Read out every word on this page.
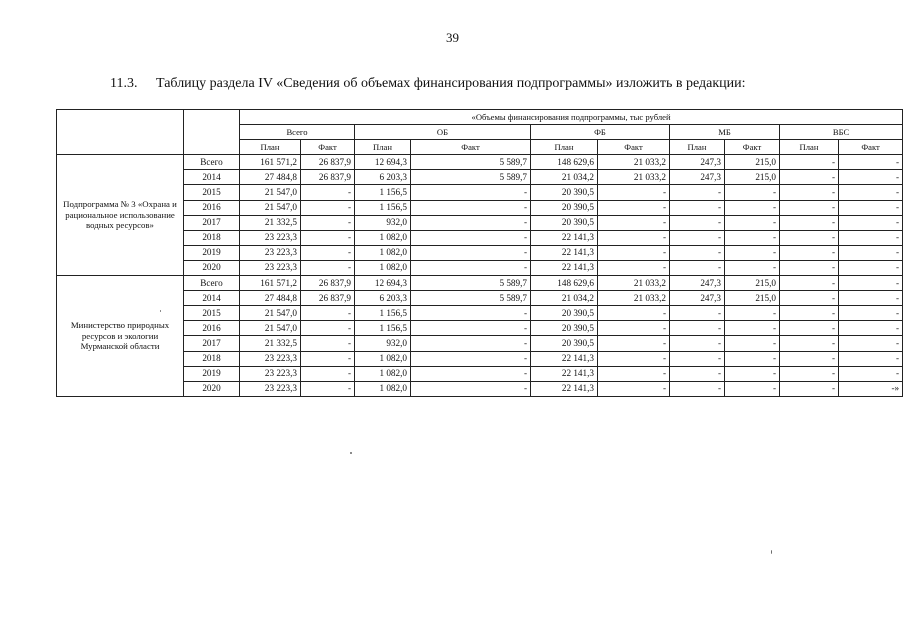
39
11.3. Таблицу раздела IV «Сведения об объемах финансирования подпрограммы» изложить в редакции:
		«Объемы финансирования подпрограммы, тыс рублей									
		Всего		ОБ		ФБ		МБ		ВБС	
		План	Факт	План	Факт	План	Факт	План	Факт	План	Факт
Подпрограмма № 3 «Охрана и рациональное использование водных ресурсов»	Всего	161 571,2	26 837,9	12 694,3	5 589,7	148 629,6	21 033,2	247,3	215,0	-	-
	2014	27 484,8	26 837,9	6 203,3	5 589,7	21 034,2	21 033,2	247,3	215,0	-	-
	2015	21 547,0	-	1 156,5	-	20 390,5	-	-	-	-	-
	2016	21 547,0	-	1 156,5	-	20 390,5	-	-	-	-	-
	2017	21 332,5	-	932,0	-	20 390,5	-	-	-	-	-
	2018	23 223,3	-	1 082,0	-	22 141,3	-	-	-	-	-
	2019	23 223,3	-	1 082,0	-	22 141,3	-	-	-	-	-
	2020	23 223,3	-	1 082,0	-	22 141,3	-	-	-	-	-
Министерство природных ресурсов и экологии Мурманской области	Всего	161 571,2	26 837,9	12 694,3	5 589,7	148 629,6	21 033,2	247,3	215,0	-	-
	2014	27 484,8	26 837,9	6 203,3	5 589,7	21 034,2	21 033,2	247,3	215,0	-	-
	2015	21 547,0	-	1 156,5	-	20 390,5	-	-	-	-	-
	2016	21 547,0	-	1 156,5	-	20 390,5	-	-	-	-	-
	2017	21 332,5	-	932,0	-	20 390,5	-	-	-	-	-
	2018	23 223,3	-	1 082,0	-	22 141,3	-	-	-	-	-
	2019	23 223,3	-	1 082,0	-	22 141,3	-	-	-	-	-
	2020	23 223,3	-	1 082,0	-	22 141,3	-	-	-	-	-»
